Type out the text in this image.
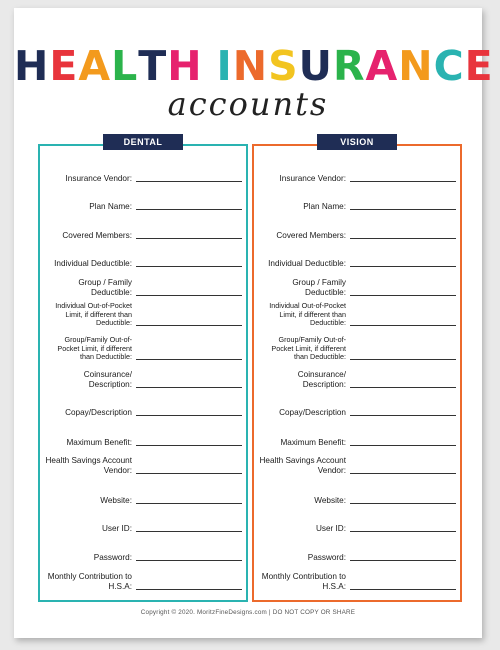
HEALTH INSURANCE
accounts
DENTAL
Insurance Vendor:
Plan Name:
Covered Members:
Individual Deductible:
Group / Family Deductible:
Individual Out-of-Pocket Limit, if different than Deductible:
Group/Family Out-of-Pocket Limit, if different than Deductible:
Coinsurance/ Description:
Copay/Description
Maximum Benefit:
Health Savings Account Vendor:
Website:
User ID:
Password:
Monthly Contribution to H.S.A:
VISION
Insurance Vendor:
Plan Name:
Covered Members:
Individual Deductible:
Group / Family Deductible:
Individual Out-of-Pocket Limit, if different than Deductible:
Group/Family Out-of-Pocket Limit, if different than Deductible:
Coinsurance/ Description:
Copay/Description
Maximum Benefit:
Health Savings Account Vendor:
Website:
User ID:
Password:
Monthly Contribution to H.S.A:
Copyright © 2020. MoritzFineDesigns.com | DO NOT COPY OR SHARE
